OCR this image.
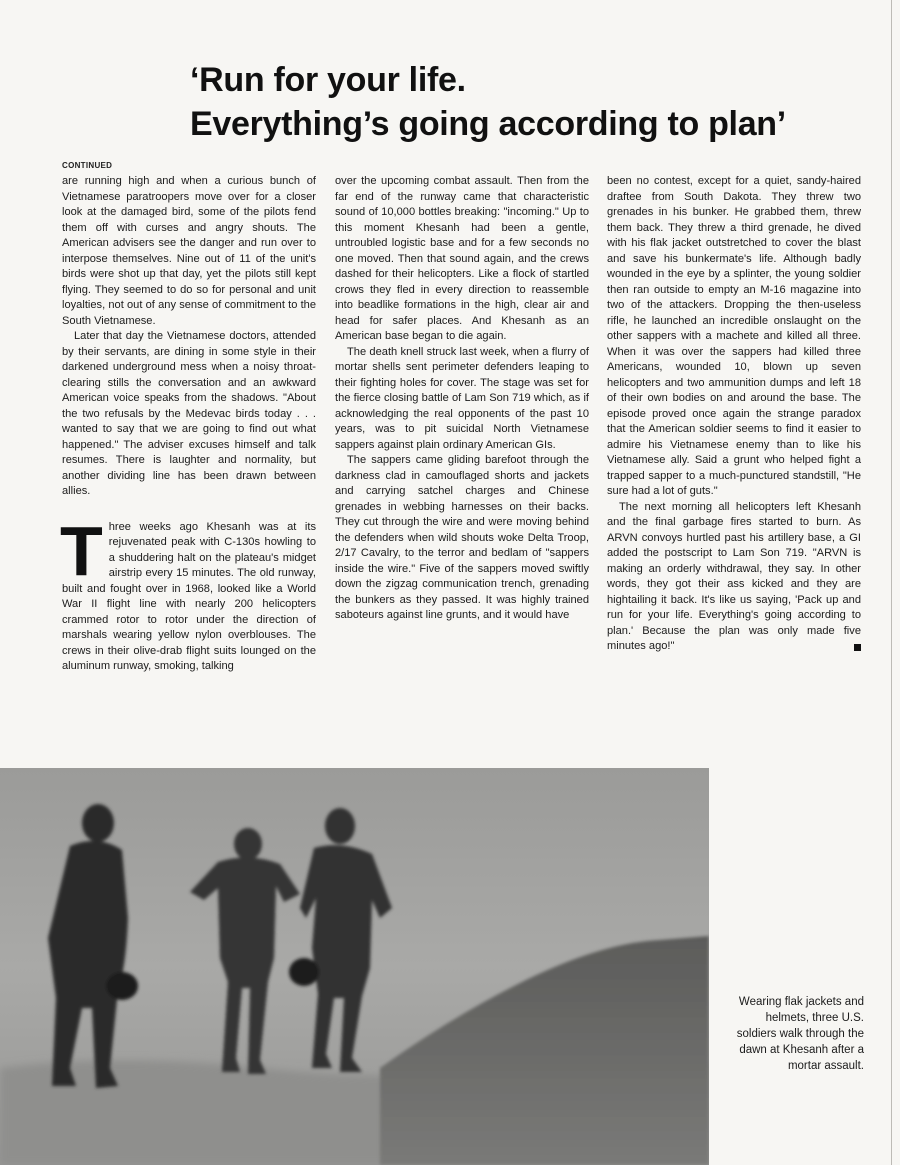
‘Run for your life.
Everything’s going according to plan’
CONTINUED

are running high and when a curious bunch of Vietnamese paratroopers move over for a closer look at the damaged bird, some of the pilots fend them off with curses and angry shouts. The American advisers see the danger and run over to interpose themselves. Nine out of 11 of the unit's birds were shot up that day, yet the pilots still kept flying. They seemed to do so for personal and unit loyalties, not out of any sense of commitment to the South Vietnamese.

Later that day the Vietnamese doctors, attended by their servants, are dining in some style in their darkened underground mess when a noisy throat-clearing stills the conversation and an awkward American voice speaks from the shadows. "About the two refusals by the Medevac birds today . . . wanted to say that we are going to find out what happened." The adviser excuses himself and talk resumes. There is laughter and normality, but another dividing line has been drawn between allies.

Three weeks ago Khesanh was at its rejuvenated peak with C-130s howling to a shuddering halt on the plateau's midget airstrip every 15 minutes. The old runway, built and fought over in 1968, looked like a World War II flight line with nearly 200 helicopters crammed rotor to rotor under the direction of marshals wearing yellow nylon overblouses. The crews in their olive-drab flight suits lounged on the aluminum runway, smoking, talking

over the upcoming combat assault. Then from the far end of the runway came that characteristic sound of 10,000 bottles breaking: "incoming." Up to this moment Khesanh had been a gentle, untroubled logistic base and for a few seconds no one moved. Then that sound again, and the crews dashed for their helicopters. Like a flock of startled crows they fled in every direction to reassemble into beadlike formations in the high, clear air and head for safer places. And Khesanh as an American base began to die again.

The death knell struck last week, when a flurry of mortar shells sent perimeter defenders leaping to their fighting holes for cover. The stage was set for the fierce closing battle of Lam Son 719 which, as if acknowledging the real opponents of the past 10 years, was to pit suicidal North Vietnamese sappers against plain ordinary American GIs.

The sappers came gliding barefoot through the darkness clad in camouflaged shorts and jackets and carrying satchel charges and Chinese grenades in webbing harnesses on their backs. They cut through the wire and were moving behind the defenders when wild shouts woke Delta Troop, 2/17 Cavalry, to the terror and bedlam of "sappers inside the wire." Five of the sappers moved swiftly down the zigzag communication trench, grenading the bunkers as they passed. It was highly trained saboteurs against line grunts, and it would have

been no contest, except for a quiet, sandy-haired draftee from South Dakota. They threw two grenades in his bunker. He grabbed them, threw them back. They threw a third grenade, he dived with his flak jacket outstretched to cover the blast and save his bunkermate's life. Although badly wounded in the eye by a splinter, the young soldier then ran outside to empty an M-16 magazine into two of the attackers. Dropping the then-useless rifle, he launched an incredible onslaught on the other sappers with a machete and killed all three. When it was over the sappers had killed three Americans, wounded 10, blown up seven helicopters and two ammunition dumps and left 18 of their own bodies on and around the base. The episode proved once again the strange paradox that the American soldier seems to find it easier to admire his Vietnamese enemy than to like his Vietnamese ally. Said a grunt who helped fight a trapped sapper to a much-punctured standstill, "He sure had a lot of guts."

The next morning all helicopters left Khesanh and the final garbage fires started to burn. As ARVN convoys hurtled past his artillery base, a GI added the postscript to Lam Son 719. "ARVN is making an orderly withdrawal, they say. In other words, they got their ass kicked and they are hightailing it back. It's like us saying, 'Pack up and run for your life. Everything's going according to plan.' Because the plan was only made five minutes ago!"

Wearing flak jackets and helmets, three U.S. soldiers walk through the dawn at Khesanh after a mortar assault.
